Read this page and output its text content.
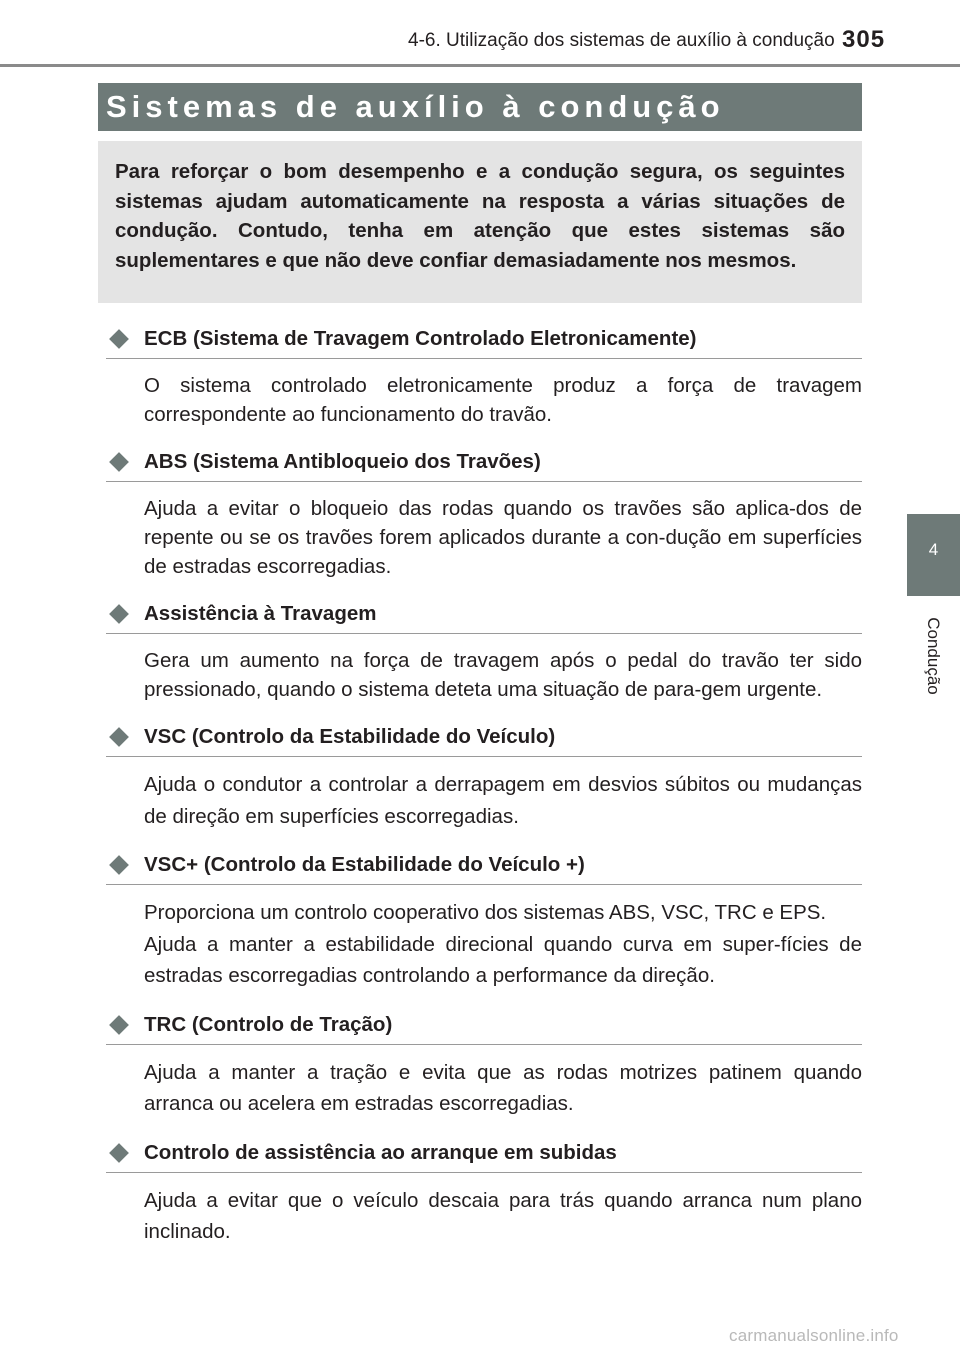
4-6. Utilização dos sistemas de auxílio à condução 305
Sistemas de auxílio à condução

Para reforçar o bom desempenho e a condução segura, os seguintes sistemas ajudam automaticamente na resposta a várias situações de condução. Contudo, tenha em atenção que estes sistemas são suplementares e que não deve confiar demasiadamente nos mesmos.

4
Condução
ECB (Sistema de Travagem Controlado Eletronicamente)

O sistema controlado eletronicamente produz a força de travagem correspondente ao funcionamento do travão.

ABS (Sistema Antibloqueio dos Travões)

Ajuda a evitar o bloqueio das rodas quando os travões são aplica-dos de repente ou se os travões forem aplicados durante a con-dução em superfícies de estradas escorregadias.

Assistência à Travagem

Gera um aumento na força de travagem após o pedal do travão ter sido pressionado, quando o sistema deteta uma situação de para-gem urgente.

VSC (Controlo da Estabilidade do Veículo)

Ajuda o condutor a controlar a derrapagem em desvios súbitos ou mudanças de direção em superfícies escorregadias.

VSC+ (Controlo da Estabilidade do Veículo +)

Proporciona um controlo cooperativo dos sistemas ABS, VSC, TRC e EPS.

Ajuda a manter a estabilidade direcional quando curva em super-fícies de estradas escorregadias controlando a performance da direção.

TRC (Controlo de Tração)

Ajuda a manter a tração e evita que as rodas motrizes patinem quando arranca ou acelera em estradas escorregadias.

Controlo de assistência ao arranque em subidas

Ajuda a evitar que o veículo descaia para trás quando arranca num plano inclinado.

carmanualsonline.info
